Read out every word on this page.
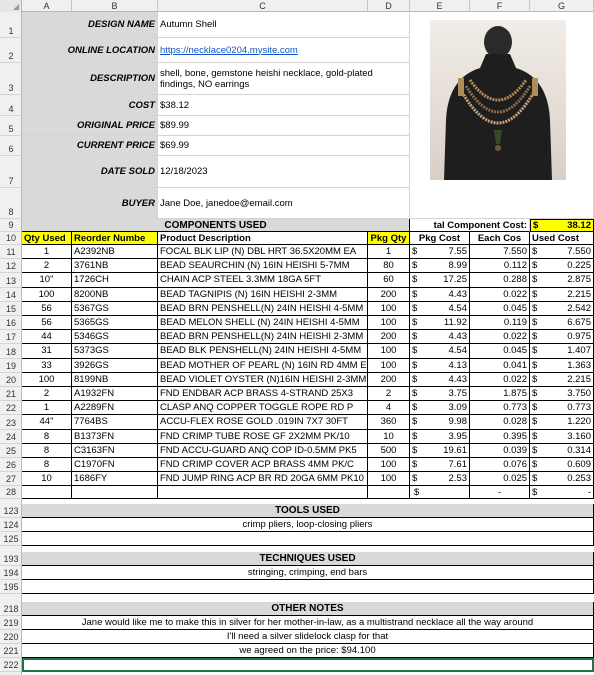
A	B	C	D	E	F	G
1
2
3
4
5
6
7
8
9
10
11
12
13
14
15
16
17
18
19
20
21
22
23
24
25
26
27
28
123
124
125
193
194
195
218
219
220
221
222
DESIGN NAME Autumn Shell
ONLINE LOCATION https://necklace0204.mysite.com
DESCRIPTION shell, bone, gemstone heishi necklace, gold-plated findings, NO earrings
COST $38.12
ORIGINAL PRICE $89.99
CURRENT PRICE $69.99
DATE SOLD 12/18/2023
BUYER Jane Doe, janedoe@email.com
COMPONENTS USED	tal Component Cost: $	38.12
Qty Used Reorder Numbe	Product Description	Pkg Qty	Pkg Cost	Each Cos	Used Cost
1	A2392NB	FOCAL BLK LIP (N) DBL HRT 36.5X20MM EA	1	$	7.55	7.550 $	7.550
2	3761NB	BEAD SEAURCHIN (N) 16IN HEISHI 5-7MM	80	$	8.99	0.112 $	0.225
10"	1726CH	CHAIN ACP STEEL 3.3MM 18GA 5FT	60	$	17.25	0.288 $	2.875
100	8200NB	BEAD TAGNIPIS (N) 16IN HEISHI 2-3MM	200	$	4.43	0.022 $	2.215
56	5367GS	BEAD BRN PENSHELL(N) 24IN HEISHI 4-5MM	100	$	4.54	0.045 $	2.542
56	5365GS	BEAD MELON SHELL (N) 24IN HEISHI 4-5MM	100	$	11.92	0.119 $	6.675
44	5346GS	BEAD BRN PENSHELL(N) 24IN HEISHI 2-3MM	200	$	4.43	0.022 $	0.975
31	5373GS	BEAD BLK PENSHELL(N) 24IN HEISHI 4-5MM	100	$	4.54	0.045 $	1.407
33	3926GS	BEAD MOTHER OF PEARL (N) 16IN RD 4MM E	100	$	4.13	0.041 $	1.363
100	8199NB	BEAD VIOLET OYSTER (N)16IN HEISHI 2-3MM	200	$	4.43	0.022 $	2.215
2	A1932FN	FND ENDBAR ACP BRASS 4-STRAND 25X3	2	$	3.75	1.875 $	3.750
1	A2289FN	CLASP ANQ COPPER TOGGLE ROPE RD P	4	$	3.09	0.773 $	0.773
44"	7764BS	ACCU-FLEX ROSE GOLD .019IN 7X7 30FT	360	$	9.98	0.028 $	1.220
8	B1373FN	FND CRIMP TUBE ROSE GF 2X2MM PK/10	10	$	3.95	0.395 $	3.160
8	C3163FN	FND ACCU-GUARD ANQ COP ID-0.5MM PK5	500	$	19.61	0.039 $	0.314
8	C1970FN	FND CRIMP COVER ACP BRASS 4MM PK/C	100	$	7.61	0.076 $	0.609
10	1686FY	FND JUMP RING ACP BR RD 20GA 6MM PK10	100	$	2.53	0.025 $	0.253
$	-	$	-
TOOLS USED
crimp pliers, loop-closing pliers
TECHNIQUES USED
stringing, crimping, end bars
OTHER NOTES
Jane would like me to make this in silver for her mother-in-law, as a multistrand necklace all the way around
I'll need a silver slidelock clasp for that
we agreed on the price: $94.100
